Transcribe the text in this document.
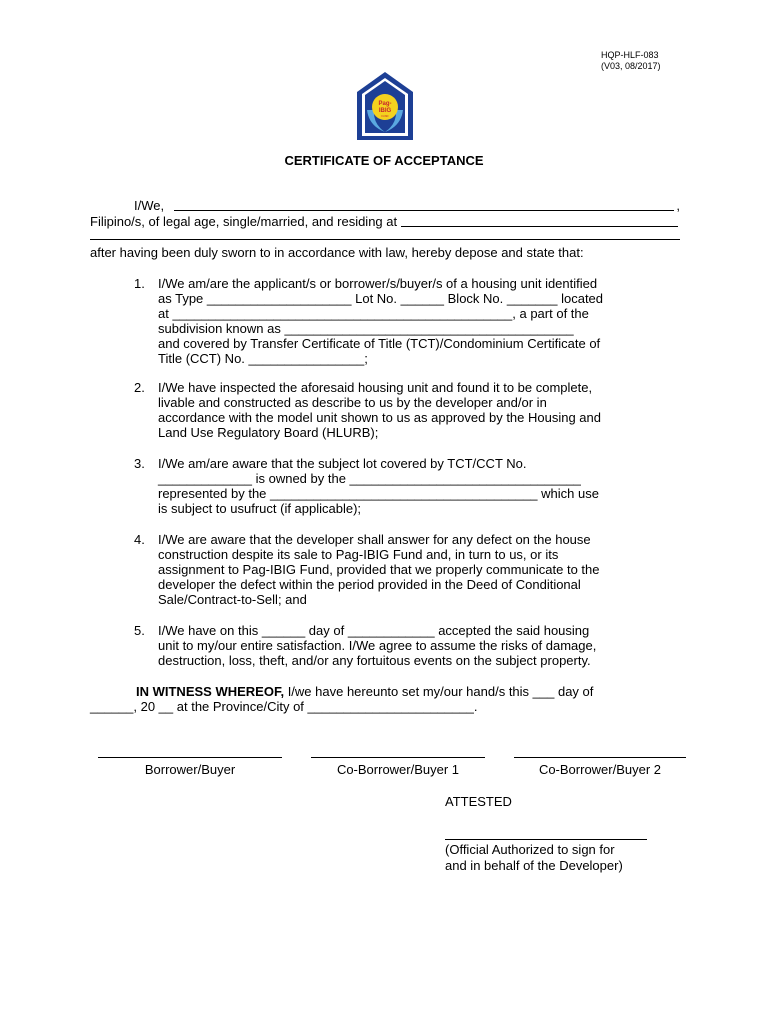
HQP-HLF-083
(V03, 08/2017)
Pag-
IBIG
FUND
CERTIFICATE OF ACCEPTANCE
I/We,	,
Filipino/s, of legal age, single/married, and residing at
after having been duly sworn to in accordance with law, hereby depose and state that:
1. I/We am/are the applicant/s or borrower/s/buyer/s of a housing unit identified

as Type ____________________ Lot No. ______ Block No. _______ located

at _______________________________________________, a part of the

subdivision known as ________________________________________

and covered by Transfer Certificate of Title (TCT)/Condominium Certificate of

Title (CCT) No. ________________;

2. I/We have inspected the aforesaid housing unit and found it to be complete,

livable and constructed as describe to us by the developer and/or in

accordance with the model unit shown to us as approved by the Housing and

Land Use Regulatory Board (HLURB);

3. I/We am/are aware that the subject lot covered by TCT/CCT No.

_____________ is owned by the ________________________________

represented by the _____________________________________ which use

is subject to usufruct (if applicable);

4. I/We are aware that the developer shall answer for any defect on the house

construction despite its sale to Pag-IBIG Fund and, in turn to us, or its

assignment to Pag-IBIG Fund, provided that we properly communicate to the

developer the defect within the period provided in the Deed of Conditional

Sale/Contract-to-Sell; and

5. I/We have on this ______ day of ____________ accepted the said housing

unit to my/our entire satisfaction. I/We agree to assume the risks of damage,

destruction, loss, theft, and/or any fortuitous events on the subject property.

IN WITNESS WHEREOF, I/we have hereunto set my/our hand/s this ___ day of
______, 20 __ at the Province/City of _______________________.
Borrower/Buyer	Co-Borrower/Buyer 1	Co-Borrower/Buyer 2
ATTESTED
(Official Authorized to sign for
and in behalf of the Developer)
